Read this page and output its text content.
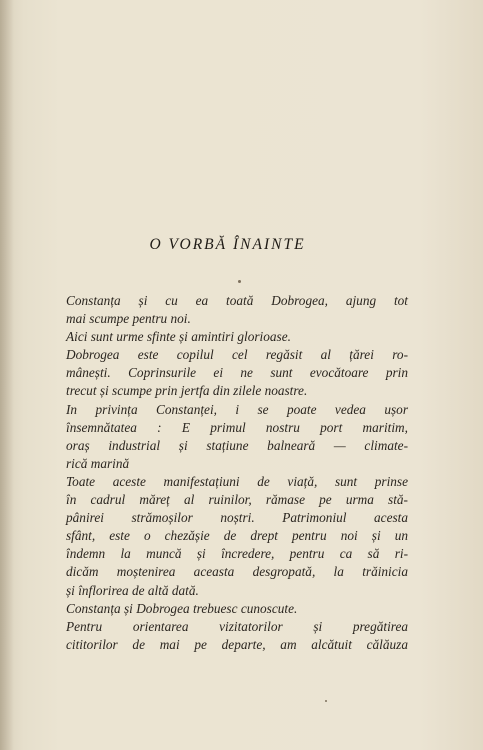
O VORBĂ ÎNAINTE
Constanța și cu ea toată Dobrogea, ajung tot
mai scumpe pentru noi.
Aici sunt urme sfinte și amintiri glorioase.
Dobrogea este copilul cel regăsit al țărei ro-
mânești. Coprinsurile ei ne sunt evocătoare prin
trecut și scumpe prin jertfa din zilele noastre.
In privința Constanței, i se poate vedea ușor
însemnătatea : E primul nostru port maritim,
oraș industrial și stațiune balneară — climate-
rică marină
Toate aceste manifestațiuni de viață, sunt prinse
în cadrul măreț al ruinilor, rămase pe urma stă-
pânirei strămoșilor noștri. Patrimoniul acesta
sfânt, este o chezășie de drept pentru noi și un
îndemn la muncă și încredere, pentru ca să ri-
dicăm moștenirea aceasta desgropată, la trăinicia
și înflorirea de altă dată.
Constanța și Dobrogea trebuesc cunoscute.
Pentru orientarea vizitatorilor și pregătirea
cititorilor de mai pe departe, am alcătuit călăuza
